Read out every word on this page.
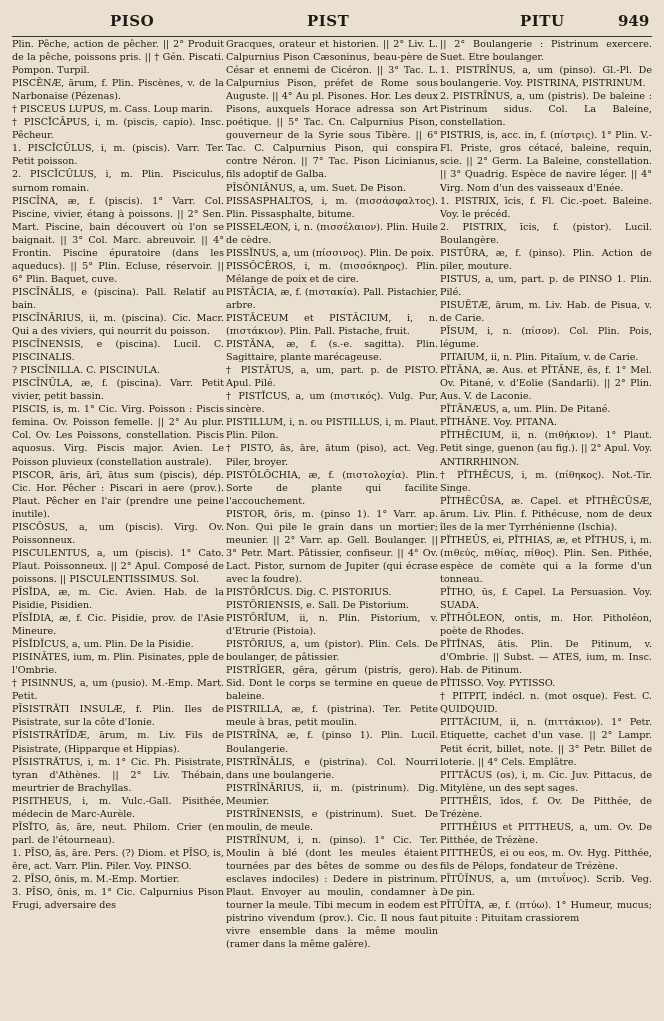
PISO	PIST	PITU	949

Plin. Pêche, action de pêcher. || 2° Produit de la pêche, poissons pris. || † Gén. Piscati. Pompon. Turpil.

PISCĒNÆ, ārum, f. Plin. Piscènes, v. de la Narbonaise (Pézenas).

† PISCEUS LUPUS, m. Cass. Loup marin.

† PISCĬCĀPUS, i, m. (piscis, capio). Insc. Pêcheur.

1. PISCĬCŬLUS, i, m. (piscis). Varr. Ter. Petit poisson.

2. PISCĬCŬLUS, i, m. Plin. Pisciculus, surnom romain.

PISCĪNA, æ, f. (piscis). 1° Varr. Col. Piscine, vivier, étang à poissons. || 2° Sen. Mart. Piscine, bain découvert où l'on se baignait. || 3° Col. Marc. abreuvoir. || 4° Frontin. Piscine épuratoire (dans les aqueducs). || 5° Plin. Ecluse, réservoir. || 6° Plin. Baquet, cuve.

PISCĪNĀLIS, e (piscina). Pall. Relatif au bain.

PISCĪNĀRIUS, ii, m. (piscina). Cic. Macr. Qui a des viviers, qui nourrit du poisson.

PISCĪNENSIS, e (piscina). Lucil. C. PISCINALIS.

? PISCĪNILLA. C. PISCINULA.

PISCĪNŬLA, æ, f. (piscina). Varr. Petit vivier, petit bassin.

PISCIS, is, m. 1° Cic. Virg. Poisson : Piscis femina. Ov. Poisson femelle. || 2° Au plur. Col. Ov. Les Poissons, constellation. Piscis aquosus. Virg. Piscis major. Avien. Le Poisson pluvieux (constellation australe).

PISCOR, āris, ārī, ātus sum (piscis), dép. Cic. Hor. Pêcher : Piscari in aere (prov.). Plaut. Pêcher en l'air (prendre une peine inutile).

PISCŌSUS, a, um (piscis). Virg. Ov. Poissonneux.

PISCULENTUS, a, um (piscis). 1° Cato. Plaut. Poissonneux. || 2° Apul. Composé de poissons. || PISCULENTISSIMUS. Sol.

PĪSĬDA, æ, m. Cic. Avien. Hab. de la Pisidie, Pisidien.

PĪSĬDIA, æ, f. Cic. Pisidie, prov. de l'Asie Mineure.

PĪSĬDĬCUS, a, um. Plin. De la Pisidie.

PISINĀTES, ium, m. Plin. Pisinates, pple de l'Ombrie.

† PISINNUS, a, um (pusio). M.-Emp. Mart. Petit.

PĪSISTRĂTI INSULÆ, f. Plin. Iles de Pisistrate, sur la côte d'Ionie.

PĪSISTRĂTĪDÆ, ārum, m. Liv. Fils de Pisistrate, (Hipparque et Hippias).

PĪSISTRĂTUS, i, m. 1° Cic. Ph. Pisistrate, tyran d'Athènes. || 2° Liv. Thébain, meurtrier de Brachyllas.

PISITHEUS, i, m. Vulc.-Gall. Pisithée, médecin de Marc-Aurèle.

PĪSĬTO, ās, āre, neut. Philom. Crier (en parl. de l'étourneau).

1. PĪSO, ās, āre. Pers. (?) Diom. et PĪSO, is, ĕre, act. Varr. Plin. Piler. Voy. PINSO.

2. PĪSO, ōnis, m. M.-Emp. Mortier.

3. PĪSO, ōnis, m. 1° Cic. Calpurnius Pison Frugi, adversaire des

Gracques, orateur et historien. || 2° Liv. L. Calpurnius Pison Cæsoninus, beau-père de César et ennemi de Cicéron. || 3° Tac. L. Calpurnius Pison, préfet de Rome sous Auguste. || 4° Au pl. Pisones. Hor. Les deux Pisons, auxquels Horace adressa son Art poétique. || 5° Tac. Cn. Calpurnius Pison, gouverneur de la Syrie sous Tibère. || 6° Tac. C. Calpurnius Pison, qui conspira contre Néron. || 7° Tac. Pison Licinianus, fils adoptif de Galba.

PĪSŌNIĀNUS, a, um. Suet. De Pison.

PISSASPHALTOS, i, m. (πισσάσφαλτος). Plin. Pissasphalte, bitume.

PISSELÆON, i, n. (πισσέλαιον). Plin. Huile de cèdre.

PISSĬNUS, a, um (πίσσινος). Plin. De poix.

PISSŎCĒROS, i, m. (πισσόκηρος). Plin. Mélange de poix et de cire.

PISTĀCIA, æ, f. (πιστακία). Pall. Pistachier, arbre.

PISTĀCEUM et PISTĀCIUM, i, n. (πιστάκιον). Plin. Pall. Pistache, fruit.

PISTĀNA, æ, f. (s.-e. sagitta). Plin. Sagittaire, plante marécageuse.

† PISTĀTUS, a, um, part. p. de PISTO. Apul. Pilé.

† PISTĬCUS, a, um (πιστικός). Vulg. Pur, sincère.

PISTILLUM, i, n. ou PISTILLUS, i, m. Plaut. Plin. Pilon.

† PISTO, ās, āre, ātum (piso), act. Veg. Piler, broyer.

PISTŎLŎCHIA, æ, f. (πιστολοχία). Plin. Sorte de plante qui facilite l'accouchement.

PISTOR, ōris, m. (pinso 1). 1° Varr. ap. Non. Qui pile le grain dans un mortier; meunier. || 2° Varr. ap. Gell. Boulanger. || 3° Petr. Mart. Pâtissier, confiseur. || 4° Ov. Lact. Pistor, surnom de Jupiter (qui écrase avec la foudre).

PISTŌRĬCUS. Dig. C. PISTORIUS.

PISTŌRIENSIS, e. Sall. De Pistorium.

PISTŌRĬUM, ii, n. Plin. Pistorium, v. d'Etrurie (Pistoia).

PISTŌRIUS, a, um (pistor). Plin. Cels. De boulanger, de pâtissier.

PISTRĪGER, gĕra, gĕrum (pistris, gero). Sid. Dont le corps se termine en queue de baleine.

PISTRILLA, æ, f. (pistrina). Ter. Petite meule à bras, petit moulin.

PISTRĪNA, æ, f. (pinso 1). Plin. Lucil. Boulangerie.

PISTRĪNĀLIS, e (pistrina). Col. Nourri dans une boulangerie.

PISTRĪNĀRIUS, ii, m. (pistrinum). Dig. Meunier.

PISTRĪNENSIS, e (pistrinum). Suet. De moulin, de meule.

PISTRĪNUM, i, n. (pinso). 1° Cic. Ter. Moulin à blé (dont les meules étaient tournées par des bêtes de somme ou des esclaves indociles) : Dedere in pistrinum. Plaut. Envoyer au moulin, condamner à tourner la meule. Tibi mecum in eodem est pistrino vivendum (prov.). Cic. Il nous faut vivre ensemble dans la même moulin (ramer dans la même galère).

|| 2° Boulangerie : Pistrinum exercere. Suet. Etre boulanger.

1. PISTRĪNUS, a, um (pinso). Gl.-Pl. De boulangerie. Voy. PISTRINA, PISTRINUM.

2. PISTRĪNUS, a, um (pistris). De baleine : Pistrinum sidus. Col. La Baleine, constellation.

PISTRIS, is, acc. in, f. (πίστρις). 1° Plin. V.-Fl. Priste, gros cétacé, baleine, requin, scie. || 2° Germ. La Baleine, constellation. || 3° Quadrig. Espèce de navire léger. || 4° Virg. Nom d'un des vaisseaux d'Enée.

1. PISTRIX, īcis, f. Fl. Cic.-poet. Baleine. Voy. le précéd.

2. PISTRIX, īcis, f. (pistor). Lucil. Boulangère.

PISTŪRA, æ, f. (pinso). Plin. Action de piler, mouture.

PISTUS, a, um, part. p. de PINSO 1. Plin. Pilé.

PISUĒTÆ, ārum, m. Liv. Hab. de Pisua, v. de Carie.

PĪSUM, i, n. (πίσον). Col. Plin. Pois, légume.

PITAIUM, ii, n. Plin. Pitaïum, v. de Carie.

PĬTĀNA, æ. Aus. et PĬTĀNE, ēs, f. 1° Mel. Ov. Pitané, v. d'Eolie (Sandarli). || 2° Plin. Aus. V. de Laconie.

PĬTĀNÆUS, a, um. Plin. De Pitané.

PĬTHĀNE. Voy. PITANA.

PĬTHĒCIUM, ii, n. (πιθήκιον). 1° Plaut. Petit singe, guenon (au fig.). || 2° Apul. Voy. ANTIRRHINON.

† PĬTHĒCUS, i, m. (πίθηκος). Not.-Tir. Singe.

PĬTHĒCŪSA, æ. Capel. et PĬTHĒCŪSÆ, ārum. Liv. Plin. f. Pithécuse, nom de deux îles de la mer Tyrrhénienne (Ischia).

PĬTHEŬS, ei, PĬTHIAS, æ, et PĬTHUS, i, m. (πιθεύς, πιθίας, πίθος). Plin. Sen. Pithée, espèce de comète qui a la forme d'un tonneau.

PĬTHO, ūs, f. Capel. La Persuasion. Voy. SUADA.

PĬTHŎLEON, ontis, m. Hor. Pitholéon, poète de Rhodes.

PĬTĬNAS, ātis. Plin. De Pitinum, v. d'Ombrie. || Subst. — ATES, ium, m. Insc. Hab. de Pitinum.

PĬTISSO. Voy. PYTISSO.

† PITPIT, indécl. n. (mot osque). Fest. C. QUIDQUID.

PITTĂCIUM, ii, n. (πιττάκιον). 1° Petr. Etiquette, cachet d'un vase. || 2° Lampr. Petit écrit, billet, note. || 3° Petr. Billet de loterie. || 4° Cels. Emplâtre.

PITTĂCUS (os), i, m. Cic. Juv. Pittacus, de Mitylène, un des sept sages.

PITTHĒIS, īdos, f. Ov. De Pitthée, de Trézène.

PITTHĒIUS et PITTHEUS, a, um. Ov. De Pitthée, de Trézène.

PITTHEŬS, ei ou eos, m. Ov. Hyg. Pitthée, fils de Pélops, fondateur de Trézène.

PĪTŪĪNUS, a, um (πιτυΐνος). Scrib. Veg. De pin.

PĪTŪĪTA, æ, f. (πτύω). 1° Humeur, mucus; pituite : Pituitam crassiorem
